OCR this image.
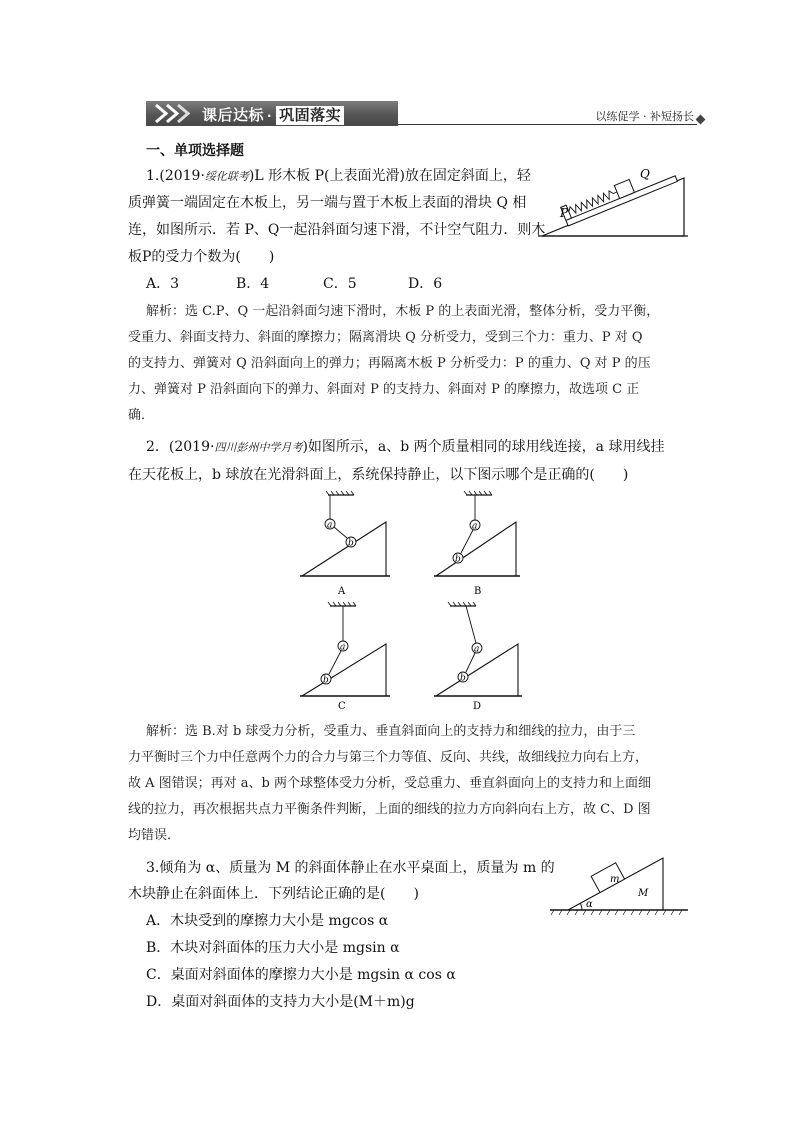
课后达标 · 巩固落实	以练促学 · 补短扬长
一、单项选择题
1.(2019·绥化联考)L 形木板 P(上表面光滑)放在固定斜面上，轻
质弹簧一端固定在木板上，另一端与置于木板上表面的滑块 Q 相
连，如图所示．若 P、Q一起沿斜面匀速下滑，不计空气阻力．则木
板P的受力个数为(　　)
A．3	B．4	C．5	D．6
P
Q
解析：选 C.P、Q 一起沿斜面匀速下滑时，木板 P 的上表面光滑，整体分析，受力平衡，
受重力、斜面支持力、斜面的摩擦力；隔离滑块 Q 分析受力，受到三个力：重力、P 对 Q
的支持力、弹簧对 Q 沿斜面向上的弹力；再隔离木板 P 分析受力：P 的重力、Q 对 P 的压
力、弹簧对 P 沿斜面向下的弹力、斜面对 P 的支持力、斜面对 P 的摩擦力，故选项 C 正
确．
2．(2019·四川彭州中学月考)如图所示，a、b 两个质量相同的球用线连接，a 球用线挂
在天花板上，b 球放在光滑斜面上，系统保持静止，以下图示哪个是正确的(　　)
a
b
A
a
b
B
a
b
C
a
b
D
解析：选 B.对 b 球受力分析，受重力、垂直斜面向上的支持力和细线的拉力，由于三
力平衡时三个力中任意两个力的合力与第三个力等值、反向、共线，故细线拉力向右上方，
故 A 图错误；再对 a、b 两个球整体受力分析，受总重力、垂直斜面向上的支持力和上面细
线的拉力，再次根据共点力平衡条件判断，上面的细线的拉力方向斜向右上方，故 C、D 图
均错误．
3.倾角为 α、质量为 M 的斜面体静止在水平桌面上，质量为 m 的
木块静止在斜面体上．下列结论正确的是(　　)
A．木块受到的摩擦力大小是 mgcos α
B．木块对斜面体的压力大小是 mgsin α
C．桌面对斜面体的摩擦力大小是 mgsin α cos α
D．桌面对斜面体的支持力大小是(M＋m)g
α
m
M
